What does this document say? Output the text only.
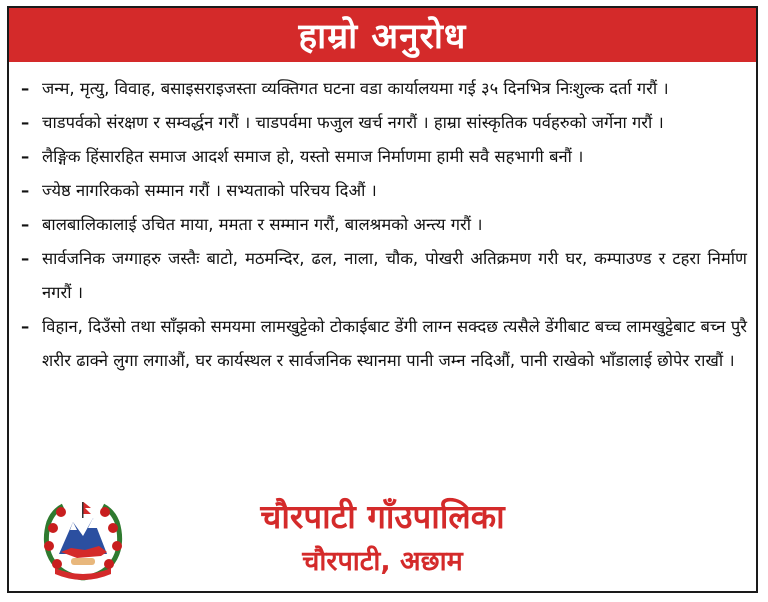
हाम्रो अनुरोध
– जन्म, मृत्यु, विवाह, बसाइसराइजस्ता व्यक्तिगत घटना वडा कार्यालयमा गई ३५ दिनभित्र निःशुल्क दर्ता गरौं ।
– चाडपर्वको संरक्षण र सम्वर्द्धन गरौं । चाडपर्वमा फजुल खर्च नगरौं । हाम्रा सांस्कृतिक पर्वहरुको जर्गेना गरौं ।
– लैङ्गिक हिंसारहित समाज आदर्श समाज हो, यस्तो समाज निर्माणमा हामी सवै सहभागी बनौं ।
– ज्येष्ठ नागरिकको सम्मान गरौं । सभ्यताको परिचय दिऔं ।
– बालबालिकालाई उचित माया, ममता र सम्मान गरौं, बालश्रमको अन्त्य गरौं ।
– सार्वजनिक जग्गाहरु जस्तैः बाटो, मठमन्दिर, ढल, नाला, चौक, पोखरी अतिक्रमण गरी घर, कम्पाउण्ड र टहरा निर्माण नगरौं ।
– विहान, दिउँसो तथा साँझको समयमा लामखुट्टेको टोकाईबाट डेंगी लाग्न सक्दछ त्यसैले डेंगीबाट बच्च लामखुट्टेबाट बच्न पुरै शरीर ढाक्ने लुगा लगाऔं, घर कार्यस्थल र सार्वजनिक स्थानमा पानी जम्न नदिऔं, पानी राखेको भाँडालाई छोपेर राखौं ।
चौरपाटी गाँउपालिका
चौरपाटी, अछाम
